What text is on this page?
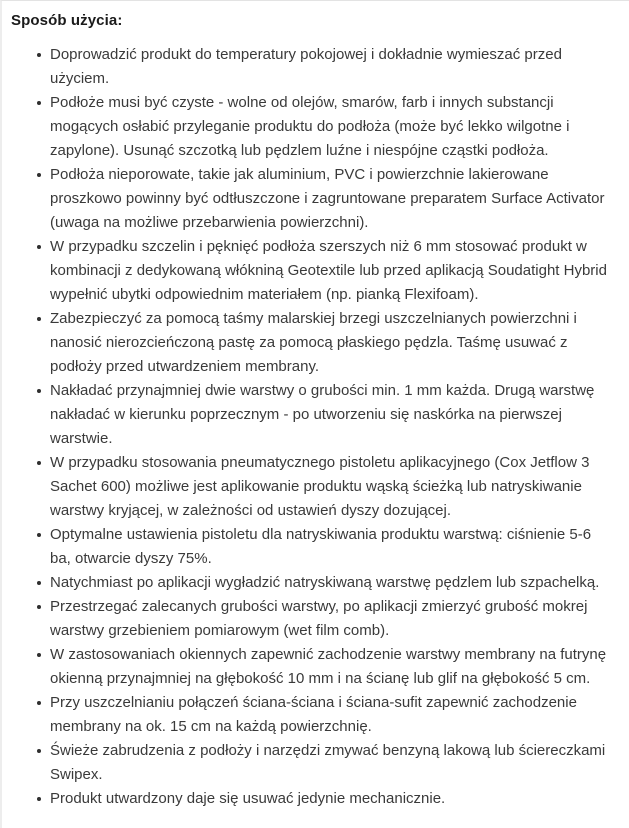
Sposób użycia:
Doprowadzić produkt do temperatury pokojowej i dokładnie wymieszać przed użyciem.
Podłoże musi być czyste - wolne od olejów, smarów, farb i innych substancji mogących osłabić przyleganie produktu do podłoża (może być lekko wilgotne i zapylone). Usunąć szczotką lub pędzlem luźne i niespójne cząstki podłoża.
Podłoża nieporowate, takie jak aluminium, PVC i powierzchnie lakierowane proszkowo powinny być odtłuszczone i zagruntowane preparatem Surface Activator (uwaga na możliwe przebarwienia powierzchni).
W przypadku szczelin i pęknięć podłoża szerszych niż 6 mm stosować produkt w kombinacji z dedykowaną włókniną Geotextile lub przed aplikacją Soudatight Hybrid wypełnić ubytki odpowiednim materiałem (np. pianką Flexifoam).
Zabezpieczyć za pomocą taśmy malarskiej brzegi uszczelnianych powierzchni i nanosić nierozcieńczoną pastę za pomocą płaskiego pędzla. Taśmę usuwać z podłoży przed utwardzeniem membrany.
Nakładać przynajmniej dwie warstwy o grubości min. 1 mm każda. Drugą warstwę nakładać w kierunku poprzecznym - po utworzeniu się naskórka na pierwszej warstwie.
W przypadku stosowania pneumatycznego pistoletu aplikacyjnego (Cox Jetflow 3 Sachet 600) możliwe jest aplikowanie produktu wąską ścieżką lub natryskiwanie warstwy kryjącej, w zależności od ustawień dyszy dozującej.
Optymalne ustawienia pistoletu dla natryskiwania produktu warstwą: ciśnienie 5-6 ba, otwarcie dyszy 75%.
Natychmiast po aplikacji wygładzić natryskiwaną warstwę pędzlem lub szpachelką.
Przestrzegać zalecanych grubości warstwy, po aplikacji zmierzyć grubość mokrej warstwy grzebieniem pomiarowym (wet film comb).
W zastosowaniach okiennych zapewnić zachodzenie warstwy membrany na futrynę okienną przynajmniej na głębokość 10 mm i na ścianę lub glif na głębokość 5 cm.
Przy uszczelnianiu połączeń ściana-ściana i ściana-sufit zapewnić zachodzenie membrany na ok. 15 cm na każdą powierzchnię.
Świeże zabrudzenia z podłoży i narzędzi zmywać benzyną lakową lub ściereczkami Swipex.
Produkt utwardzony daje się usuwać jedynie mechanicznie.
